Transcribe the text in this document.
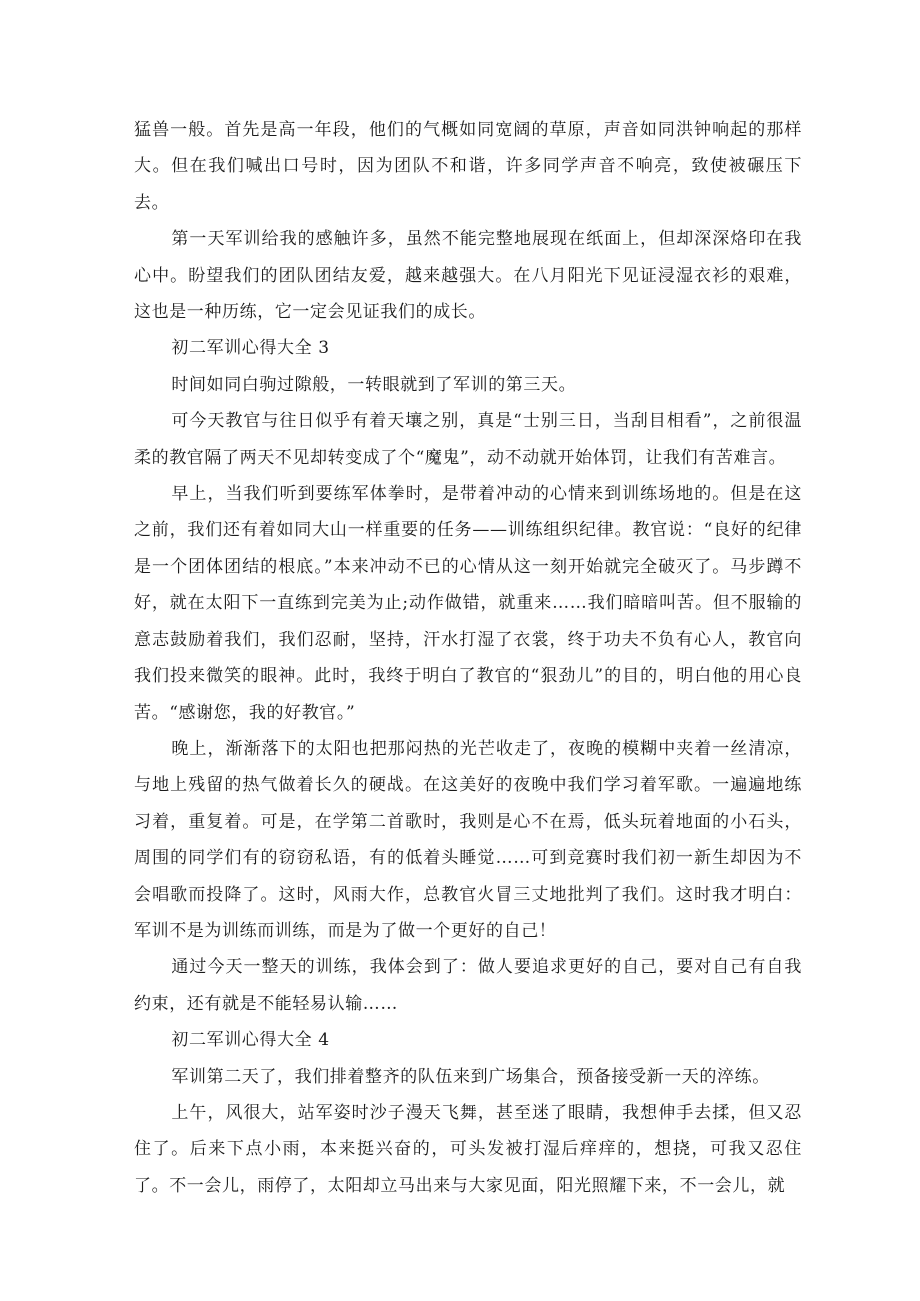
猛兽一般。首先是高一年段，他们的气概如同宽阔的草原，声音如同洪钟响起的那样大。但在我们喊出口号时，因为团队不和谐，许多同学声音不响亮，致使被碾压下去。

第一天军训给我的感触许多，虽然不能完整地展现在纸面上，但却深深烙印在我心中。盼望我们的团队团结友爱，越来越强大。在八月阳光下见证浸湿衣衫的艰难，这也是一种历练，它一定会见证我们的成长。

初二军训心得大全 3

时间如同白驹过隙般，一转眼就到了军训的第三天。

可今天教官与往日似乎有着天壤之别，真是“士别三日，当刮目相看”，之前很温柔的教官隔了两天不见却转变成了个“魔鬼”，动不动就开始体罚，让我们有苦难言。

早上，当我们听到要练军体拳时，是带着冲动的心情来到训练场地的。但是在这之前，我们还有着如同大山一样重要的任务——训练组织纪律。教官说：“良好的纪律是一个团体团结的根底。”本来冲动不已的心情从这一刻开始就完全破灭了。马步蹲不好，就在太阳下一直练到完美为止;动作做错，就重来……我们暗暗叫苦。但不服输的意志鼓励着我们，我们忍耐，坚持，汗水打湿了衣裳，终于功夫不负有心人，教官向我们投来微笑的眼神。此时，我终于明白了教官的“狠劲儿”的目的，明白他的用心良苦。“感谢您，我的好教官。”

晚上，渐渐落下的太阳也把那闷热的光芒收走了，夜晚的模糊中夹着一丝清凉，与地上残留的热气做着长久的硬战。在这美好的夜晚中我们学习着军歌。一遍遍地练习着，重复着。可是，在学第二首歌时，我则是心不在焉，低头玩着地面的小石头，周围的同学们有的窃窃私语，有的低着头睡觉……可到竞赛时我们初一新生却因为不会唱歌而投降了。这时，风雨大作，总教官火冒三丈地批判了我们。这时我才明白：军训不是为训练而训练，而是为了做一个更好的自己！

通过今天一整天的训练，我体会到了：做人要追求更好的自己，要对自己有自我约束，还有就是不能轻易认输……

初二军训心得大全 4

军训第二天了，我们排着整齐的队伍来到广场集合，预备接受新一天的淬练。

上午，风很大，站军姿时沙子漫天飞舞，甚至迷了眼睛，我想伸手去揉，但又忍住了。后来下点小雨，本来挺兴奋的，可头发被打湿后痒痒的，想挠，可我又忍住了。不一会儿，雨停了，太阳却立马出来与大家见面，阳光照耀下来，不一会儿，就
